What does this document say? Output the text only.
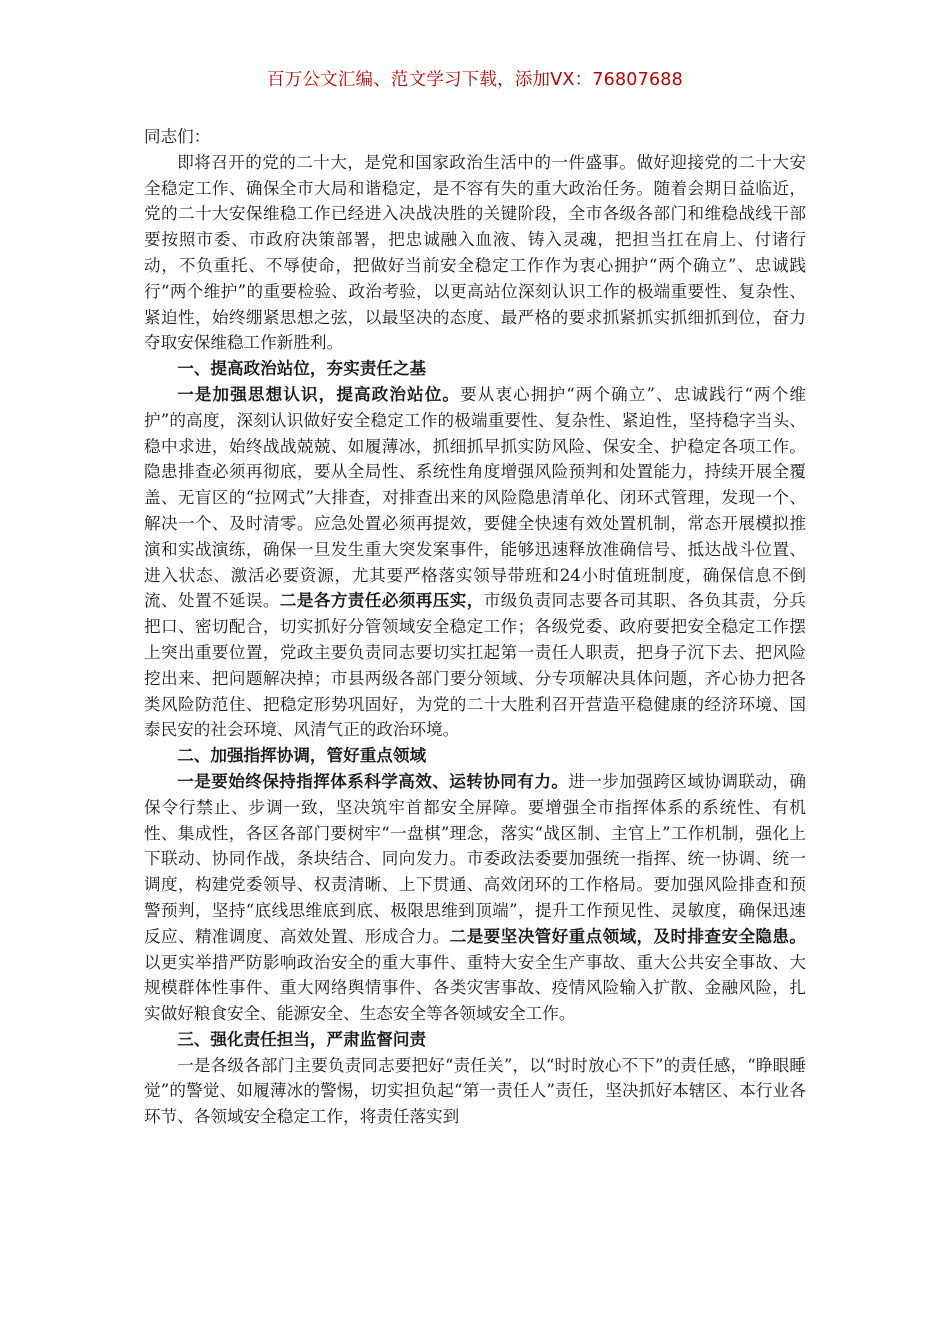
百万公文汇编、范文学习下载，添加VX：76807688

同志们：

即将召开的党的二十大，是党和国家政治生活中的一件盛事。做好迎接党的二十大安全稳定工作、确保全市大局和谐稳定，是不容有失的重大政治任务。随着会期日益临近，党的二十大安保维稳工作已经进入决战决胜的关键阶段，全市各级各部门和维稳战线干部要按照市委、市政府决策部署，把忠诚融入血液、铸入灵魂，把担当扛在肩上、付诸行动，不负重托、不辱使命，把做好当前安全稳定工作作为衷心拥护“两个确立”、忠诚践行“两个维护”的重要检验、政治考验，以更高站位深刻认识工作的极端重要性、复杂性、紧迫性，始终绷紧思想之弦，以最坚决的态度、最严格的要求抓紧抓实抓细抓到位，奋力夺取安保维稳工作新胜利。

一、提高政治站位，夯实责任之基

一是加强思想认识，提高政治站位。要从衷心拥护“两个确立”、忠诚践行“两个维护”的高度，深刻认识做好安全稳定工作的极端重要性、复杂性、紧迫性，坚持稳字当头、稳中求进，始终战战兢兢、如履薄冰，抓细抓早抓实防风险、保安全、护稳定各项工作。隐患排查必须再彻底，要从全局性、系统性角度增强风险预判和处置能力，持续开展全覆盖、无盲区的“拉网式”大排查，对排查出来的风险隐患清单化、闭环式管理，发现一个、解决一个、及时清零。应急处置必须再提效，要健全快速有效处置机制，常态开展模拟推演和实战演练，确保一旦发生重大突发案事件，能够迅速释放准确信号、抵达战斗位置、进入状态、激活必要资源，尤其要严格落实领导带班和24小时值班制度，确保信息不倒流、处置不延误。二是各方责任必须再压实，市级负责同志要各司其职、各负其责，分兵把口、密切配合，切实抓好分管领域安全稳定工作；各级党委、政府要把安全稳定工作摆上突出重要位置，党政主要负责同志要切实扛起第一责任人职责，把身子沉下去、把风险挖出来、把问题解决掉；市县两级各部门要分领域、分专项解决具体问题，齐心协力把各类风险防范住、把稳定形势巩固好，为党的二十大胜利召开营造平稳健康的经济环境、国泰民安的社会环境、风清气正的政治环境。

二、加强指挥协调，管好重点领域

一是要始终保持指挥体系科学高效、运转协同有力。进一步加强跨区域协调联动，确保令行禁止、步调一致，坚决筑牢首都安全屏障。要增强全市指挥体系的系统性、有机性、集成性，各区各部门要树牢“一盘棋”理念，落实“战区制、主官上”工作机制，强化上下联动、协同作战，条块结合、同向发力。市委政法委要加强统一指挥、统一协调、统一调度，构建党委领导、权责清晰、上下贯通、高效闭环的工作格局。要加强风险排查和预警预判，坚持“底线思维底到底、极限思维到顶端”，提升工作预见性、灵敏度，确保迅速反应、精准调度、高效处置、形成合力。二是要坚决管好重点领域，及时排查安全隐患。以更实举措严防影响政治安全的重大事件、重特大安全生产事故、重大公共安全事故、大规模群体性事件、重大网络舆情事件、各类灾害事故、疫情风险输入扩散、金融风险，扎实做好粮食安全、能源安全、生态安全等各领域安全工作。

三、强化责任担当，严肃监督问责

一是各级各部门主要负责同志要把好“责任关”，以“时时放心不下”的责任感，“睁眼睡觉”的警觉、如履薄冰的警惕，切实担负起“第一责任人”责任，坚决抓好本辖区、本行业各环节、各领域安全稳定工作，将责任落实到
